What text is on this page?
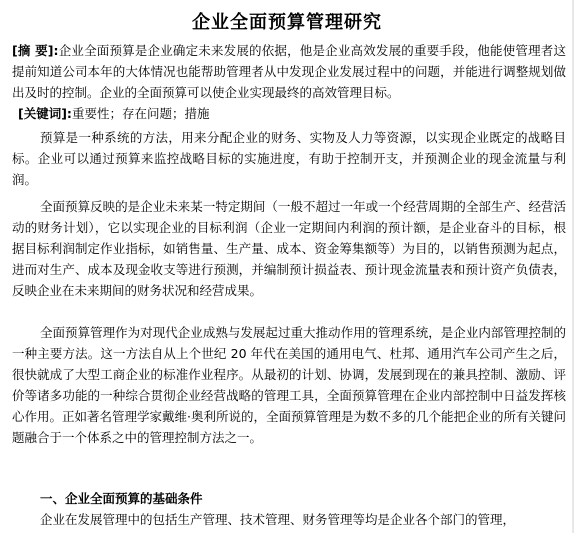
企业全面预算管理研究

[摘 要]:企业全面预算是企业确定未来发展的依据，他是企业高效发展的重要手段，他能使管理者这提前知道公司本年的大体情况也能帮助管理者从中发现企业发展过程中的问题，并能进行调整规划做出及时的控制。企业的全面预算可以使企业实现最终的高效管理目标。

[关键词]:重要性；存在问题；措施

预算是一种系统的方法，用来分配企业的财务、实物及人力等资源，以实现企业既定的战略目标。企业可以通过预算来监控战略目标的实施进度，有助于控制开支，并预测企业的现金流量与利润。

全面预算反映的是企业未来某一特定期间（一般不超过一年或一个经营周期的全部生产、经营活动的财务计划），它以实现企业的目标利润（企业一定期间内利润的预计额，是企业奋斗的目标，根据目标利润制定作业指标，如销售量、生产量、成本、资金筹集额等）为目的，以销售预测为起点，进而对生产、成本及现金收支等进行预测，并编制预计损益表、预计现金流量表和预计资产负债表，反映企业在未来期间的财务状况和经营成果。

全面预算管理作为对现代企业成熟与发展起过重大推动作用的管理系统，是企业内部管理控制的一种主要方法。这一方法自从上个世纪 20 年代在美国的通用电气、杜邦、通用汽车公司产生之后，很快就成了大型工商企业的标准作业程序。从最初的计划、协调，发展到现在的兼具控制、激励、评价等诸多功能的一种综合贯彻企业经营战略的管理工具，全面预算管理在企业内部控制中日益发挥核心作用。正如著名管理学家戴维·奥利所说的，全面预算管理是为数不多的几个能把企业的所有关键问题融合于一个体系之中的管理控制方法之一。

一、企业全面预算的基础条件

企业在发展管理中的包括生产管理、技术管理、财务管理等均是企业各个部门的管理，
